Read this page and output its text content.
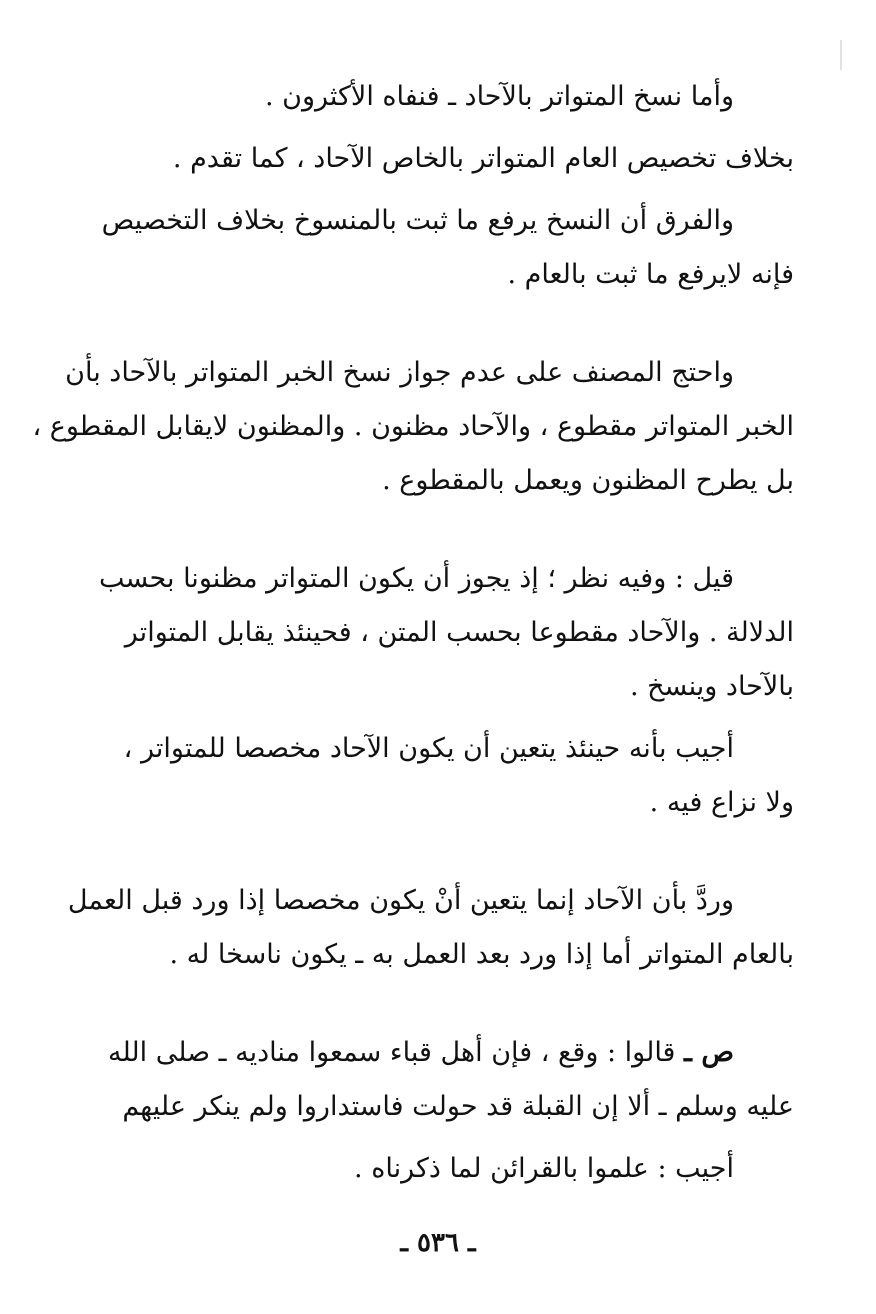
وأما نسخ المتواتر بالآحاد ـ فنفاه الأكثرون .

بخلاف تخصيص العام المتواتر بالخاص الآحاد ، كما تقدم .

والفرق أن النسخ يرفع ما ثبت بالمنسوخ بخلاف التخصيص
فإنه لايرفع ما ثبت بالعام .

واحتج المصنف على عدم جواز نسخ الخبر المتواتر بالآحاد بأن
الخبر المتواتر مقطوع ، والآحاد مظنون . والمظنون لايقابل المقطوع ،
بل يطرح المظنون ويعمل بالمقطوع .

قيل : وفيه نظر ؛ إذ يجوز أن يكون المتواتر مظنونا بحسب
الدلالة . والآحاد مقطوعا بحسب المتن ، فحينئذ يقابل المتواتر
بالآحاد وينسخ .

أجيب بأنه حينئذ يتعين أن يكون الآحاد مخصصا للمتواتر ،
ولا نزاع فيه .

وردَّ بأن الآحاد إنما يتعين أنْ يكون مخصصا إذا ورد قبل العمل
بالعام المتواتر أما إذا ورد بعد العمل به ـ يكون ناسخا له .

ص ـ قالوا : وقع ، فإن أهل قباء سمعوا مناديه ـ صلى الله
عليه وسلم ـ ألا إن القبلة قد حولت فاستداروا ولم ينكر عليهم

أجيب : علموا بالقرائن لما ذكرناه .

ـ ٥٣٦ ـ
